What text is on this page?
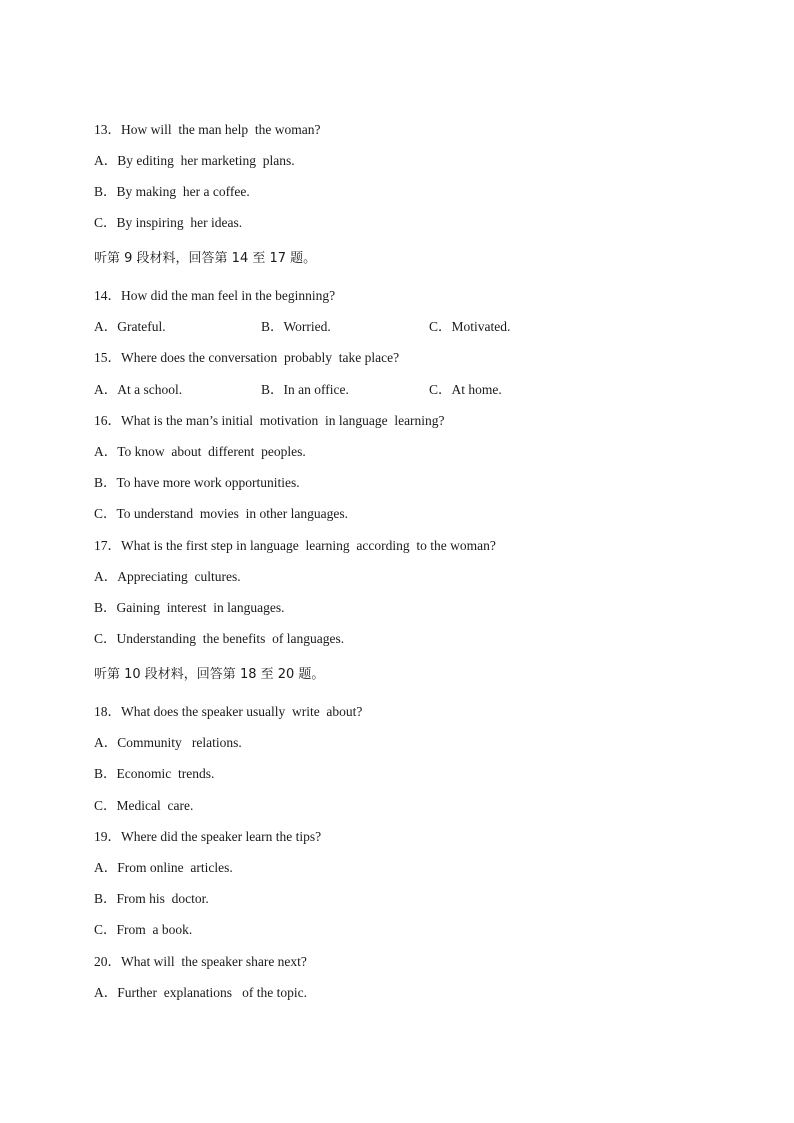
13．How will  the man help  the woman?
A．By editing  her marketing  plans.
B．By making  her a coffee.
C．By inspiring  her ideas.
听第 9 段材料，回答第 14 至 17 题。
14．How did the man feel in the beginning?
A．Grateful.	B．Worried.	C．Motivated.
15．Where does the conversation  probably  take place?
A．At a school.	B．In an office.	C．At home.
16．What is the man’s initial  motivation  in language  learning?
A．To know  about  different  peoples.
B．To have more work opportunities.
C．To understand  movies  in other languages.
17．What is the first step in language  learning  according  to the woman?
A．Appreciating  cultures.
B．Gaining  interest  in languages.
C．Understanding  the benefits  of languages.
听第 10 段材料，回答第 18 至 20 题。
18．What does the speaker usually  write  about?
A．Community   relations.
B．Economic  trends.
C．Medical  care.
19．Where did the speaker learn the tips?
A．From online  articles.
B．From his  doctor.
C．From  a book.
20．What will  the speaker share next?
A．Further  explanations   of the topic.
